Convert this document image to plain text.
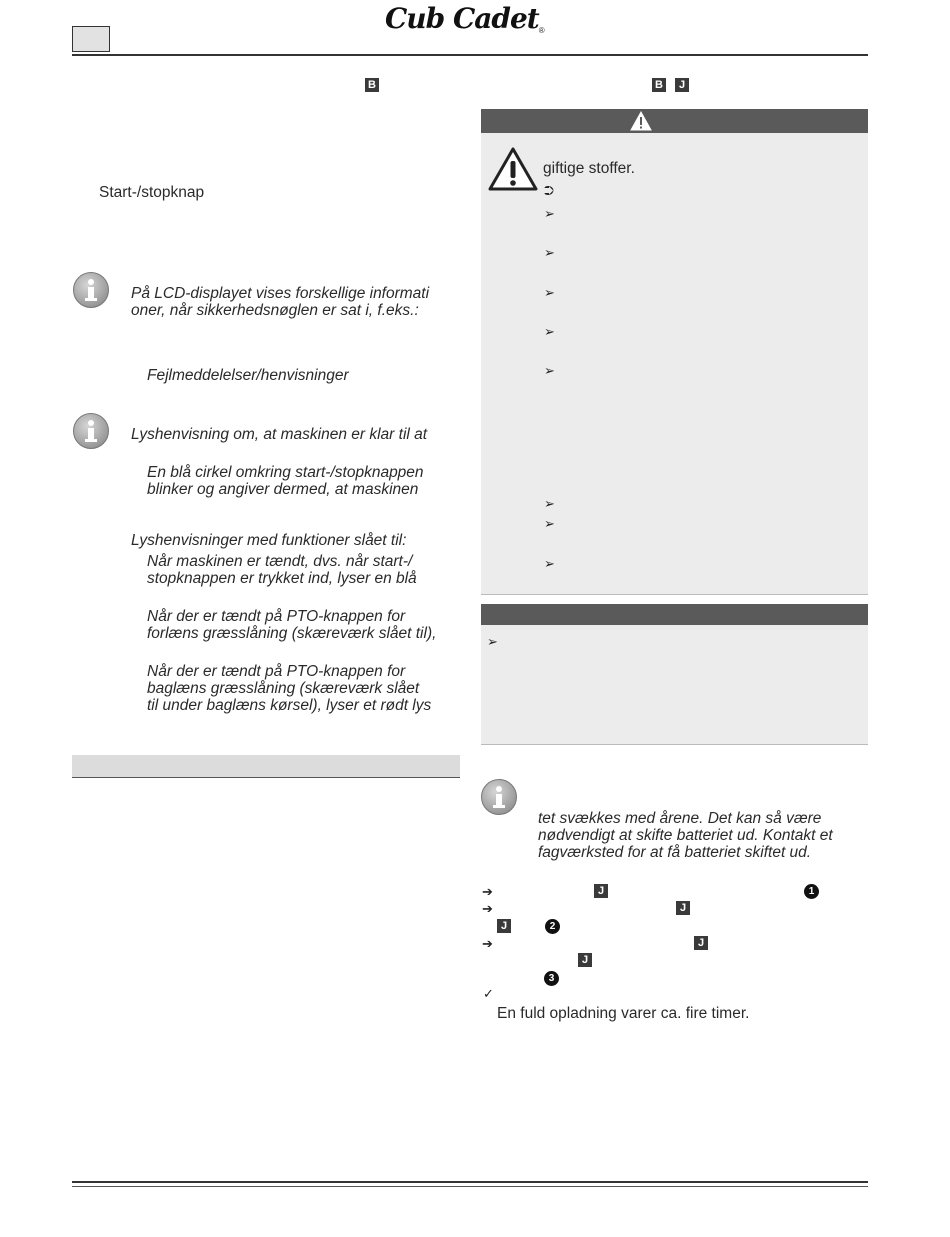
Cub Cadet®
B
Start-/stopknap
På LCD-displayet vises forskellige informati
oner, når sikkerhedsnøglen er sat i, f.eks.:
Fejlmeddelelser/henvisninger
Lyshenvisning om, at maskinen er klar til at
En blå cirkel omkring start-/stopknappen
blinker og angiver dermed, at maskinen
Lyshenvisninger med funktioner slået til:
Når maskinen er tændt, dvs. når start-/
stopknappen er trykket ind, lyser en blå
Når der er tændt på PTO-knappen for
forlæns græsslåning (skæreværk slået til),
Når der er tændt på PTO-knappen for
baglæns græsslåning (skæreværk slået
til under baglæns kørsel), lyser et rødt lys
B	J
giftige stoffer.
⮊
➢
➢
➢
➢
➢
➢
➢
➢
➢
tet svækkes med årene. Det kan så være
nødvendigt at skifte batteriet ud. Kontakt et
fagværksted for at få batteriet skiftet ud.
➔	J	1
➔	J
J	2
➔	J
J
3
✓
En fuld opladning varer ca. fire timer.
